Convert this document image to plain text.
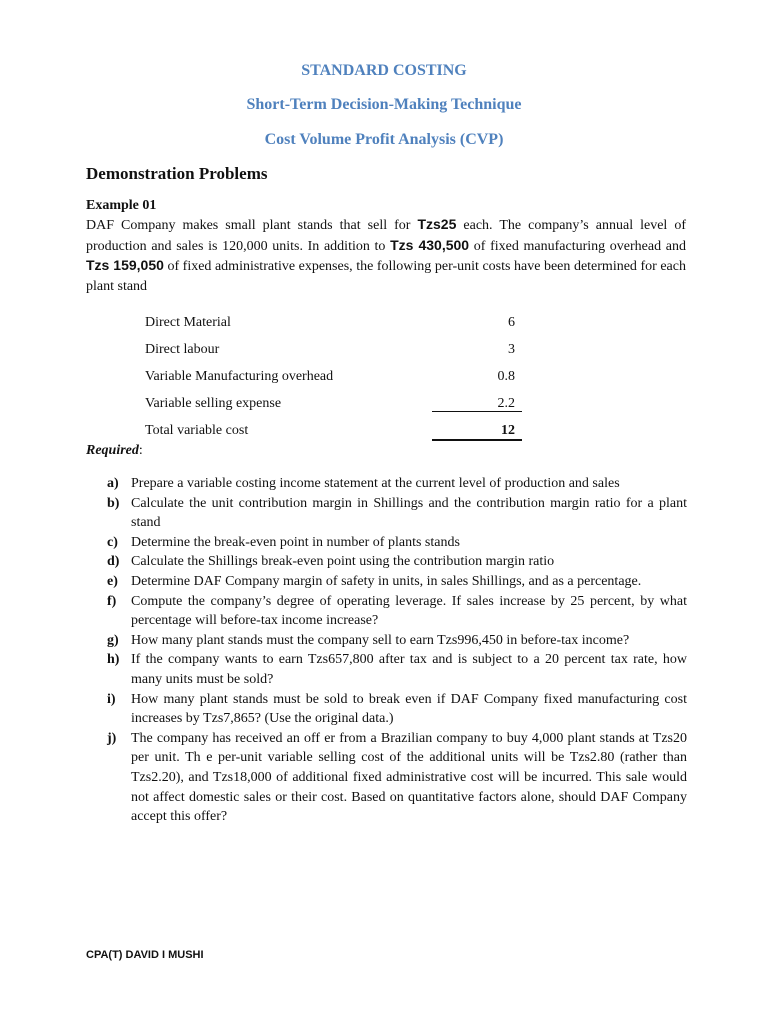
STANDARD COSTING
Short-Term Decision-Making Technique
Cost Volume Profit Analysis (CVP)
Demonstration Problems
Example 01
DAF Company makes small plant stands that sell for Tzs25 each. The company’s annual level of production and sales is 120,000 units. In addition to Tzs 430,500 of fixed manufacturing overhead and Tzs 159,050 of fixed administrative expenses, the following per-unit costs have been determined for each plant stand
Direct Material	6
Direct labour	3
Variable Manufacturing overhead	0.8
Variable selling expense	2.2
Total variable cost	12
Required:
a) Prepare a variable costing income statement at the current level of production and sales
b) Calculate the unit contribution margin in Shillings and the contribution margin ratio for a plant stand
c) Determine the break-even point in number of plants stands
d) Calculate the Shillings break-even point using the contribution margin ratio
e) Determine DAF Company margin of safety in units, in sales Shillings, and as a percentage.
f) Compute the company’s degree of operating leverage. If sales increase by 25 percent, by what percentage will before-tax income increase?
g) How many plant stands must the company sell to earn Tzs996,450 in before-tax income?
h) If the company wants to earn Tzs657,800 after tax and is subject to a 20 percent tax rate, how many units must be sold?
i) How many plant stands must be sold to break even if DAF Company fixed manufacturing cost increases by Tzs7,865? (Use the original data.)
j) The company has received an off er from a Brazilian company to buy 4,000 plant stands at Tzs20 per unit. Th e per-unit variable selling cost of the additional units will be Tzs2.80 (rather than Tzs2.20), and Tzs18,000 of additional fixed administrative cost will be incurred. This sale would not affect domestic sales or their cost. Based on quantitative factors alone, should DAF Company accept this offer?
CPA(T) DAVID I MUSHI
